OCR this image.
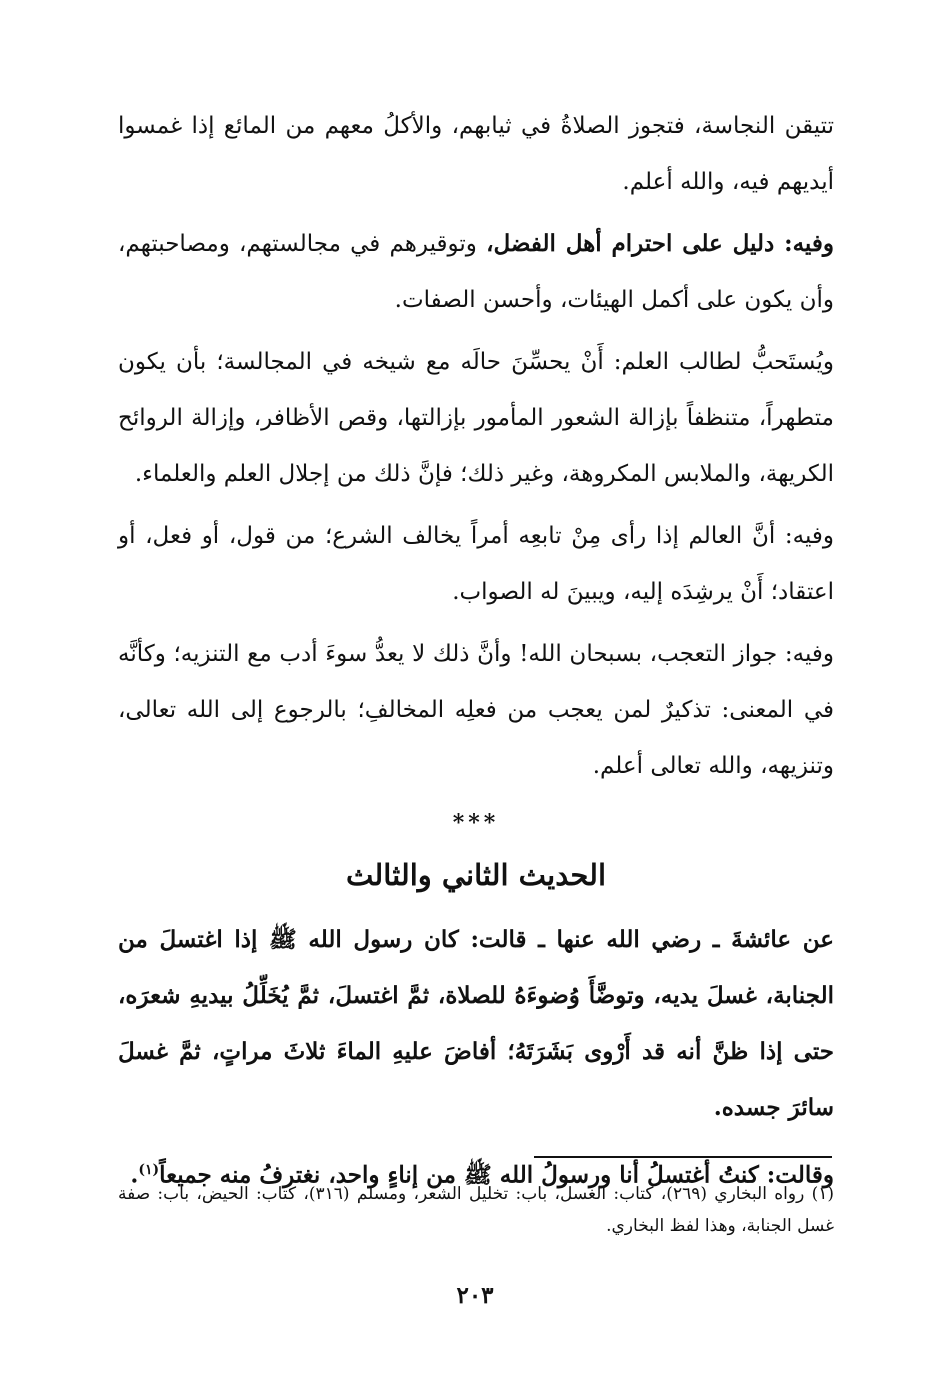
تتيقن النجاسة، فتجوز الصلاةُ في ثيابهم، والأكلُ معهم من المائع إذا غمسوا أيديهم فيه، والله أعلم.

وفيه: دليل على احترام أهل الفضل، وتوقيرهم في مجالستهم، ومصاحبتهم، وأن يكون على أكمل الهيئات، وأحسن الصفات.

ويُستَحبُّ لطالب العلم: أَنْ يحسِّنَ حالَه مع شيخه في المجالسة؛ بأن يكون متطهراً، متنظفاً بإزالة الشعور المأمور بإزالتها، وقص الأظافر، وإزالة الروائح الكريهة، والملابس المكروهة، وغير ذلك؛ فإنَّ ذلك من إجلال العلم والعلماء.

وفيه: أنَّ العالم إذا رأى مِنْ تابعِه أمراً يخالف الشرع؛ من قول، أو فعل، أو اعتقاد؛ أَنْ يرشِدَه إليه، ويبينَ له الصواب.

وفيه: جواز التعجب، بسبحان الله! وأنَّ ذلك لا يعدُّ سوءَ أدب مع التنزيه؛ وكأنَّه في المعنى: تذكيرٌ لمن يعجب من فعلِه المخالفِ؛ بالرجوع إلى الله تعالى، وتنزيهه، والله تعالى أعلم.

***
الحديث الثاني والثالث

عن عائشةَ ـ رضي الله عنها ـ قالت: كان رسول الله ﷺ إذا اغتسلَ من الجنابة، غسلَ يديه، وتوضَّأَ وُضوءَهُ للصلاة، ثمَّ اغتسلَ، ثمَّ يُخَلِّلُ بيديهِ شعرَه، حتى إذا ظنَّ أنه قد أَرْوى بَشَرَتَهُ؛ أفاضَ عليهِ الماءَ ثلاثَ مراتٍ، ثمَّ غسلَ سائرَ جسده.

وقالت: كنتُ أغتسلُ أنا ورسولُ الله ﷺ من إناءٍ واحد، نغترفُ منه جميعاً$^{(١)}$.

(١) رواه البخاري (٢٦٩)، كتاب: الغسل، باب: تخليل الشعر، ومسلم (٣١٦)، كتاب: الحيض، باب: صفة غسل الجنابة، وهذا لفظ البخاري.
٢٠٣
